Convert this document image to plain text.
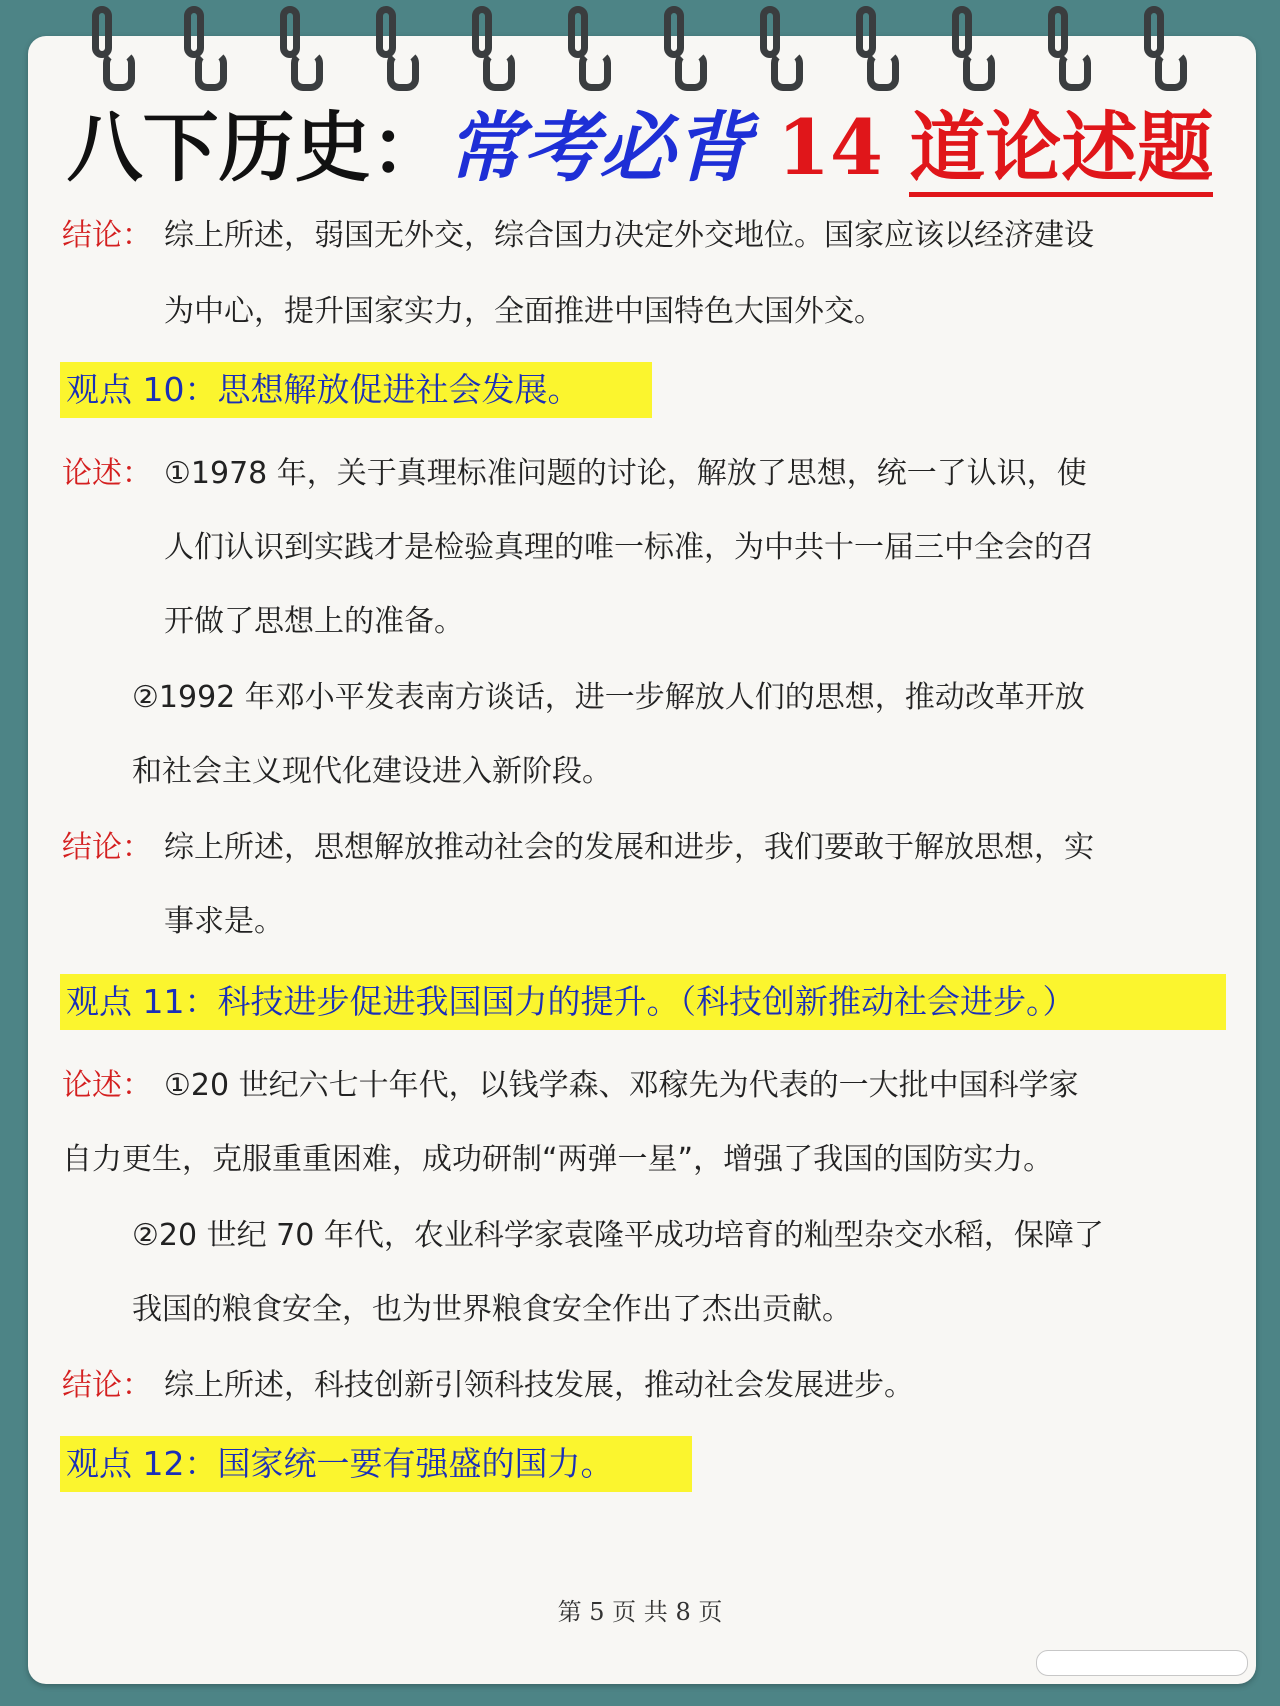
八下历史：常考必背 14 道论述题
结论： 综上所述，弱国无外交，综合国力决定外交地位。国家应该以经济建设
为中心，提升国家实力，全面推进中国特色大国外交。
观点 10：思想解放促进社会发展。
论述： ①1978 年，关于真理标准问题的讨论，解放了思想，统一了认识，使
人们认识到实践才是检验真理的唯一标准，为中共十一届三中全会的召
开做了思想上的准备。
②1992 年邓小平发表南方谈话，进一步解放人们的思想，推动改革开放
和社会主义现代化建设进入新阶段。
结论： 综上所述，思想解放推动社会的发展和进步，我们要敢于解放思想，实
事求是。
观点 11：科技进步促进我国国力的提升。（科技创新推动社会进步。）
论述： ①20 世纪六七十年代，以钱学森、邓稼先为代表的一大批中国科学家
自力更生，克服重重困难，成功研制“两弹一星”，增强了我国的国防实力。
②20 世纪 70 年代，农业科学家袁隆平成功培育的籼型杂交水稻，保障了
我国的粮食安全，也为世界粮食安全作出了杰出贡献。
结论： 综上所述，科技创新引领科技发展，推动社会发展进步。
观点 12：国家统一要有强盛的国力。
第 5 页 共 8 页
